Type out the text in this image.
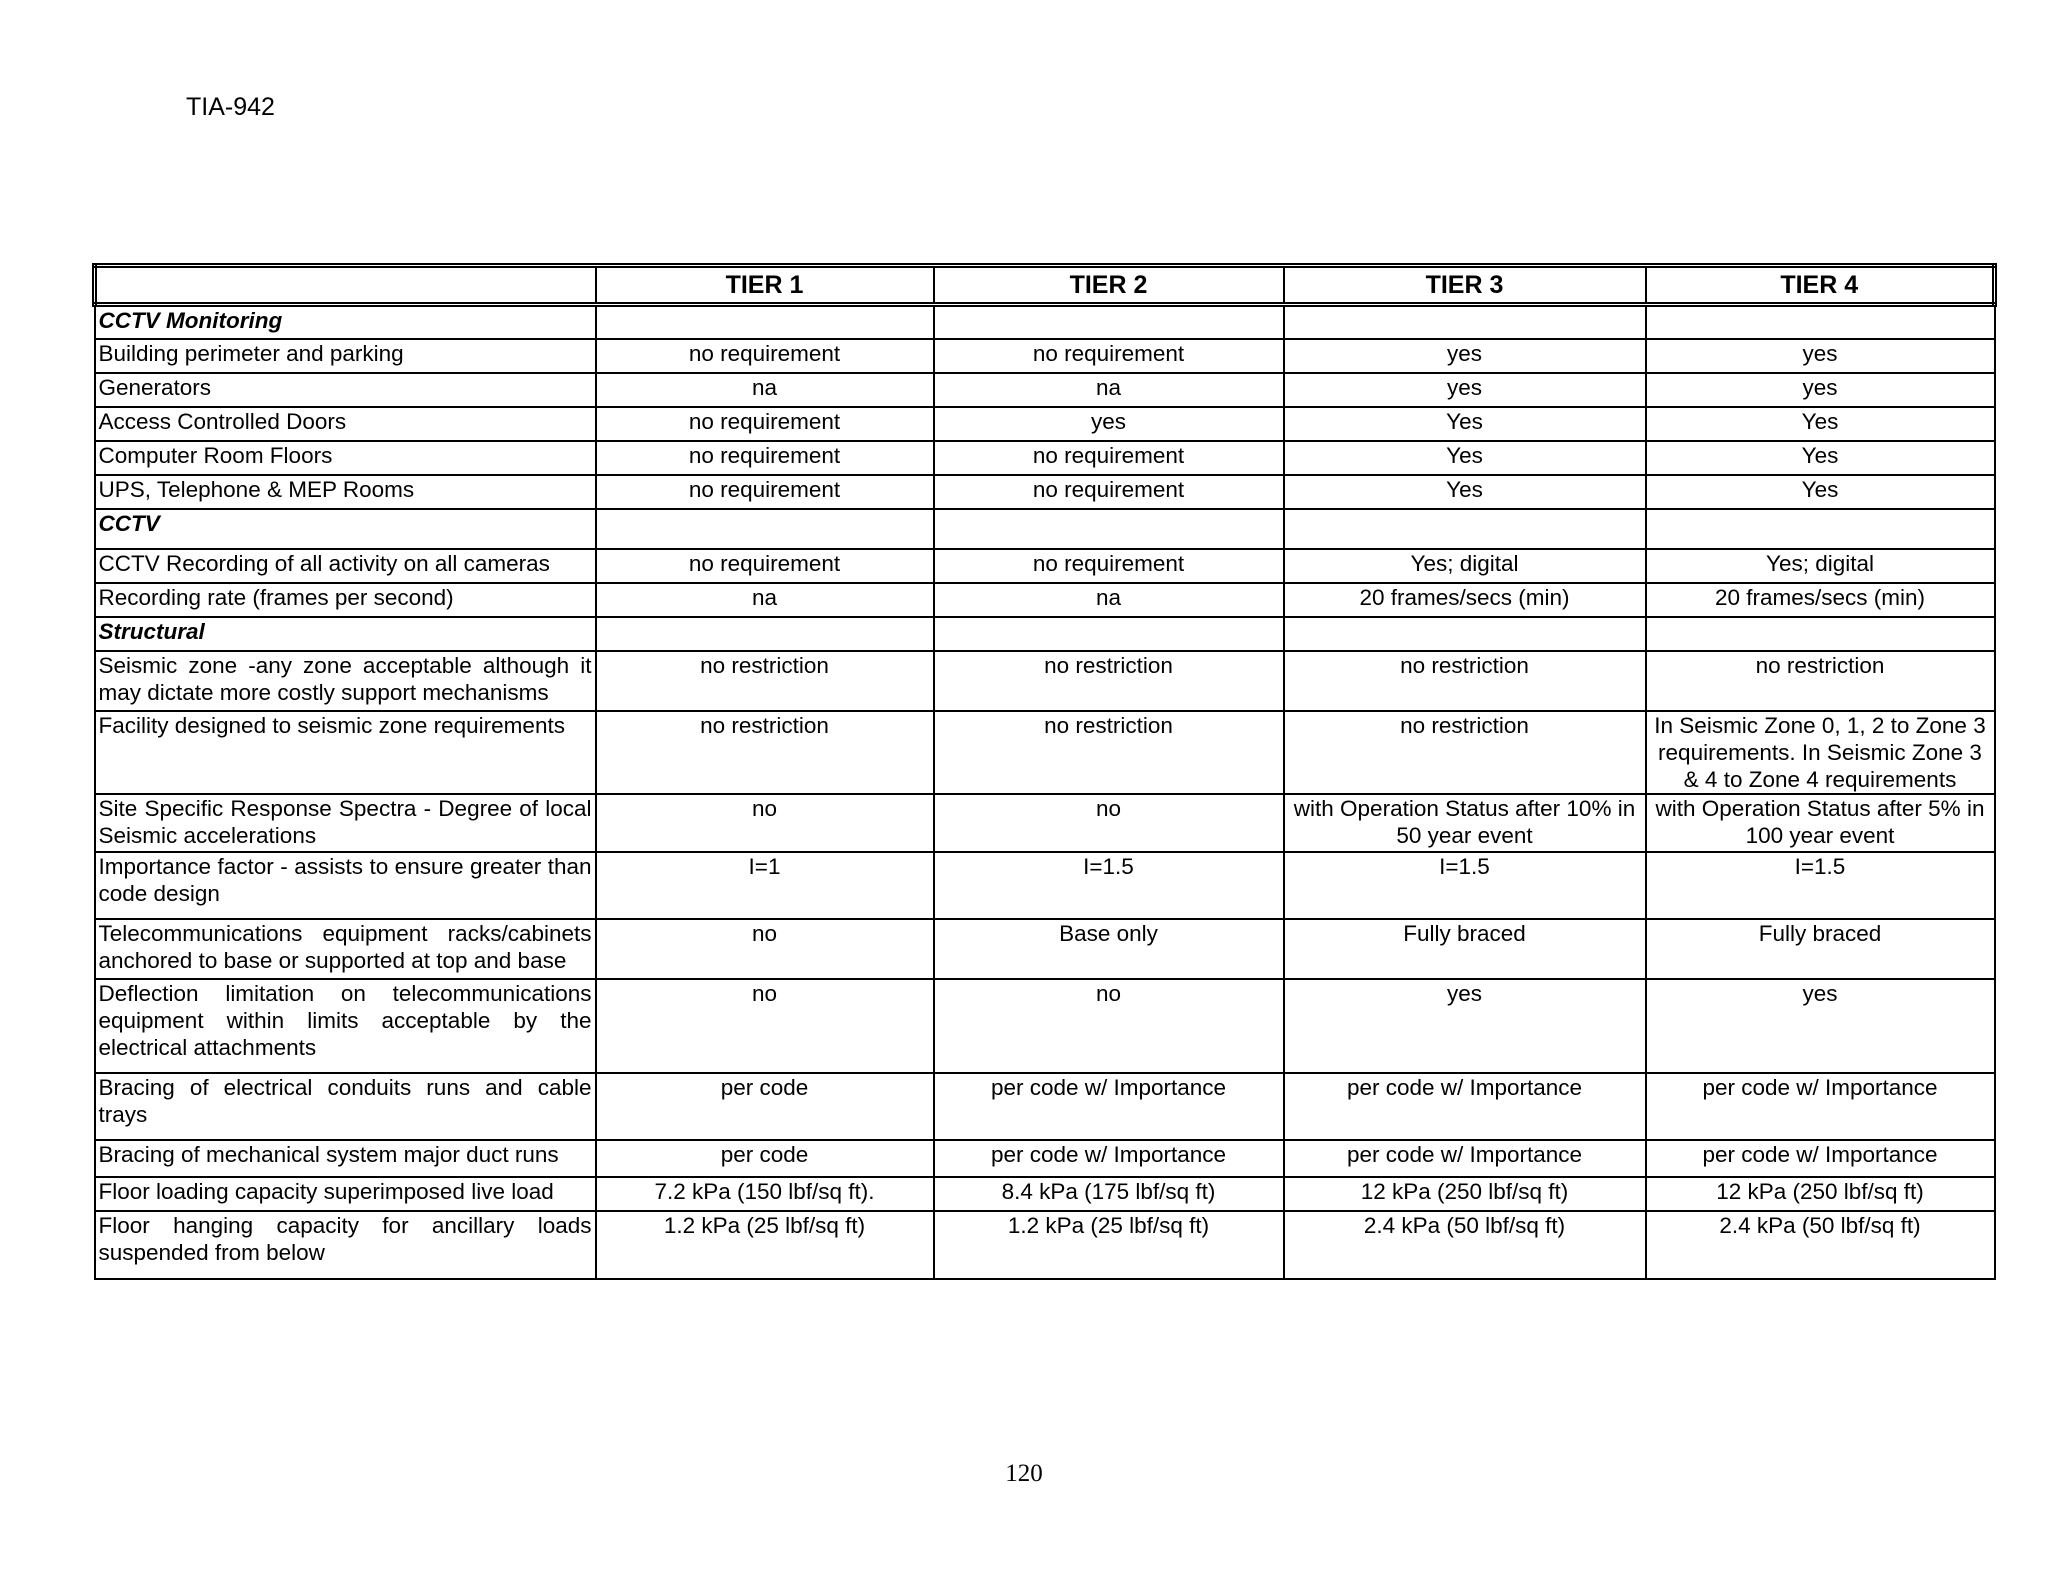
TIA-942
	TIER 1	TIER 2	TIER 3	TIER 4
CCTV Monitoring				
Building perimeter and parking	no requirement	no requirement	yes	yes
Generators	na	na	yes	yes
Access Controlled Doors	no requirement	yes	Yes	Yes
Computer Room Floors	no requirement	no requirement	Yes	Yes
UPS, Telephone & MEP Rooms	no requirement	no requirement	Yes	Yes
CCTV				
CCTV Recording of all activity on all cameras	no requirement	no requirement	Yes; digital	Yes; digital
Recording rate (frames per second)	na	na	20 frames/secs (min)	20 frames/secs (min)
Structural				
Seismic zone -any zone acceptable although it may dictate more costly support mechanisms	no restriction	no restriction	no restriction	no restriction
Facility designed to seismic zone requirements	no restriction	no restriction	no restriction	In Seismic Zone 0, 1, 2 to Zone 3 requirements. In Seismic Zone 3 & 4 to Zone 4 requirements
Site Specific Response Spectra - Degree of local Seismic accelerations	no	no	with Operation Status after 10% in 50 year event	with Operation Status after 5% in 100 year event
Importance factor - assists to ensure greater than code design	I=1	I=1.5	I=1.5	I=1.5
Telecommunications equipment racks/cabinets anchored to base or supported at top and base	no	Base only	Fully braced	Fully braced
Deflection limitation on telecommunications equipment within limits acceptable by the electrical attachments	no	no	yes	yes
Bracing of electrical conduits runs and cable trays	per code	per code w/ Importance	per code w/ Importance	per code w/ Importance
Bracing of mechanical system major duct runs	per code	per code w/ Importance	per code w/ Importance	per code w/ Importance
Floor loading capacity superimposed live load	7.2 kPa (150 lbf/sq ft).	8.4 kPa (175 lbf/sq ft)	12 kPa (250 lbf/sq ft)	12 kPa (250 lbf/sq ft)
Floor hanging capacity for ancillary loads suspended from below	1.2 kPa (25 lbf/sq ft)	1.2 kPa (25 lbf/sq ft)	2.4 kPa (50 lbf/sq ft)	2.4 kPa (50 lbf/sq ft)
120
